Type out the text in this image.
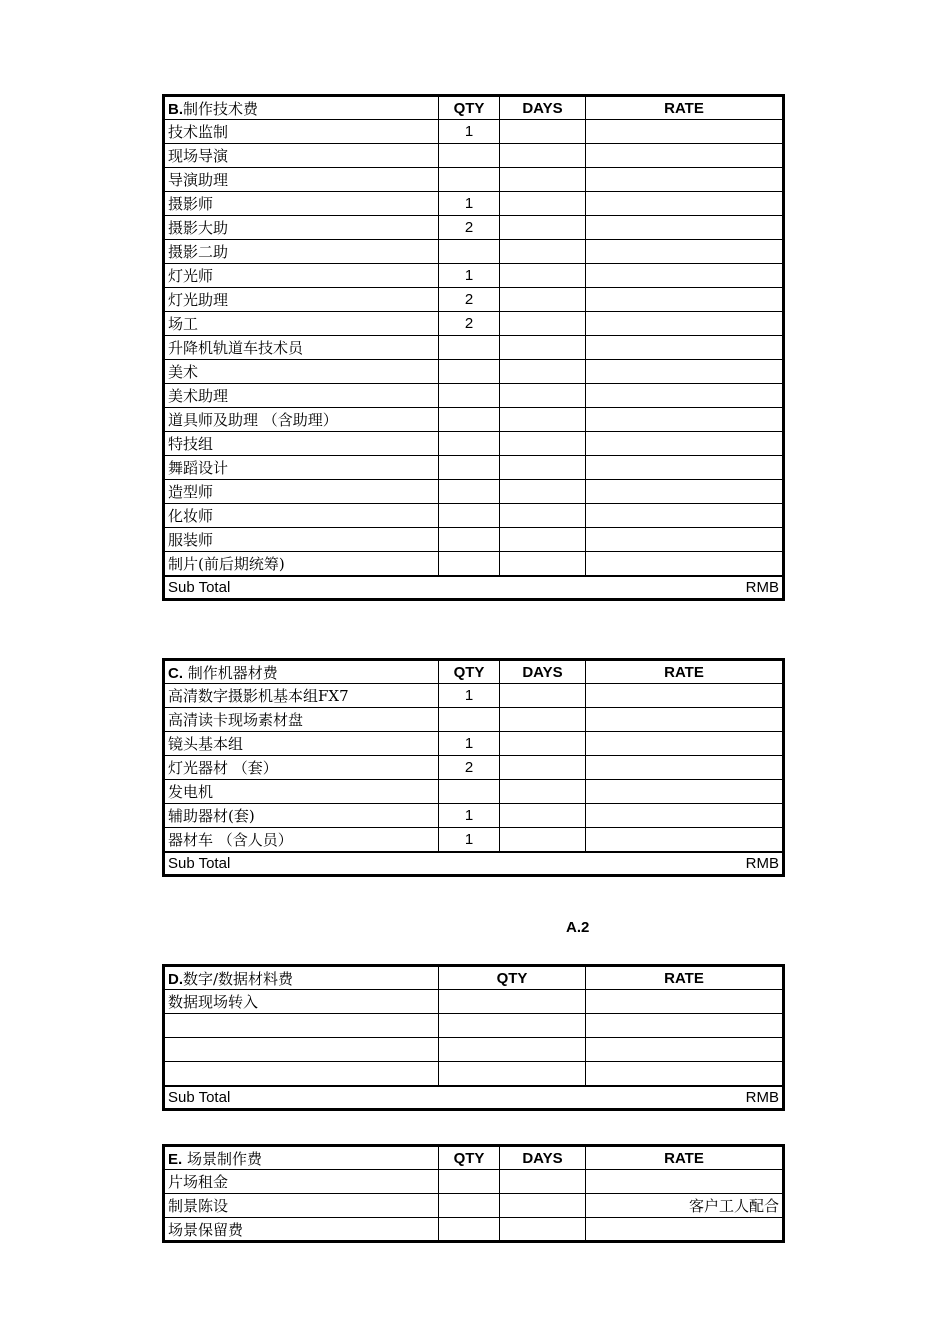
B.制作技术费	QTY	DAYS	RATE
技术监制	1		
现场导演			
导演助理			
摄影师	1		
摄影大助	2		
摄影二助			
灯光师	1		
灯光助理	2		
场工	2		
升降机轨道车技术员			
美术			
美术助理			
道具师及助理 （含助理）			
特技组			
舞蹈设计			
造型师			
化妆师			
服装师			
制片(前后期统筹)			
Sub Total			RMB
C. 制作机器材费	QTY	DAYS	RATE
高清数字摄影机基本组FX7	1		
高清读卡现场素材盘			
镜头基本组	1		
灯光器材 （套）	2		
发电机			
辅助器材(套)	1		
器材车 （含人员）	1		
Sub Total			RMB
A.2
D.数字/数据材料费	QTY	RATE
数据现场转入		

Sub Total		RMB
E. 场景制作费	QTY	DAYS	RATE
片场租金			
制景陈设			客户工人配合
场景保留费			
